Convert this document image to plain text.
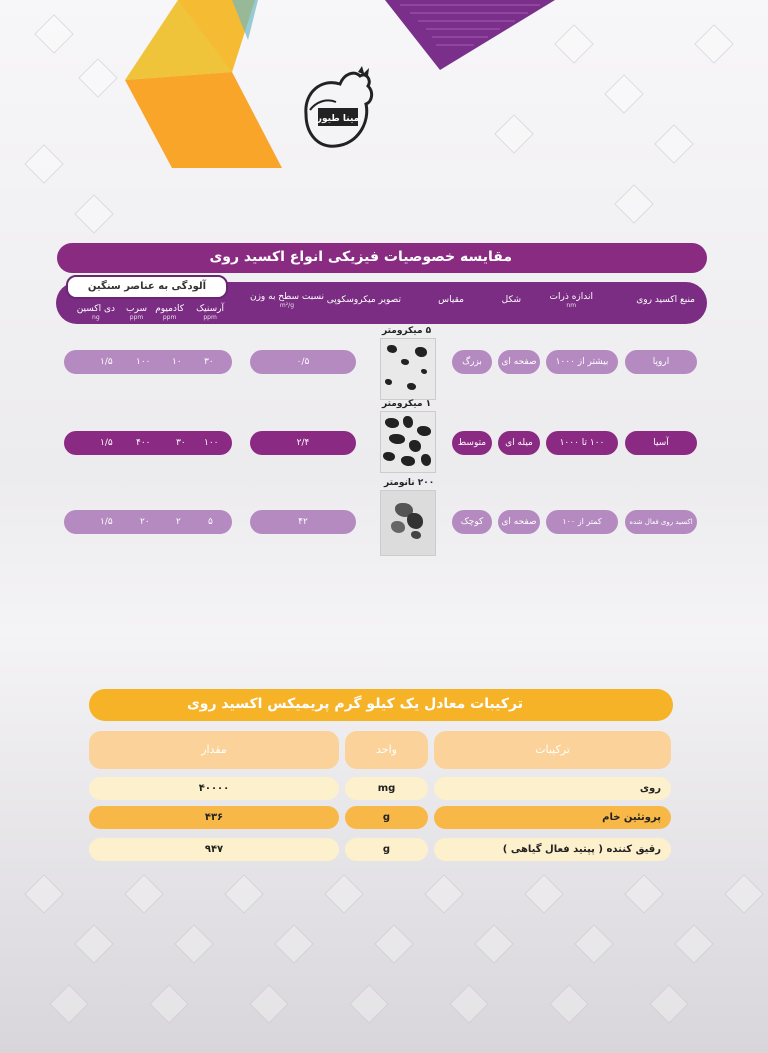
مینا طیور
مقایسه خصوصیات فیزیکی انواع اکسید روی
منبع اکسید روی
اندازه ذرات
nm
شکل
مقیاس
تصویر میکروسکوپی
نسبت سطح به وزن
m²/g
آرسنیک
ppm
کادمیوم
ppm
سرب
ppm
دی اکسین
ng
آلودگی به عناصر سنگین
اروپا
بیشتر از ۱۰۰۰
صفحه ای
بزرگ
۵ میکرومتر
۰/۵
۳۰
۱۰
۱۰۰
۱/۵
آسیا
۱۰۰ تا ۱۰۰۰
میله ای
متوسط
۱ میکرومتر
۲/۴
۱۰۰
۳۰
۴۰۰
۱/۵
اکسید روی فعال شده
کمتر از ۱۰۰
صفحه ای
کوچک
۲۰۰ نانومتر
۴۲
۵
۲
۲۰
۱/۵
ترکیبات معادل یک کیلو گرم پریمیکس اکسید روی
ترکیبات
واحد
مقدار
روی
mg
۴۰۰۰۰
پروتئین خام
g
۴۳۶
رقیق کننده ( پپتید فعال گیاهی )
g
۹۴۷
